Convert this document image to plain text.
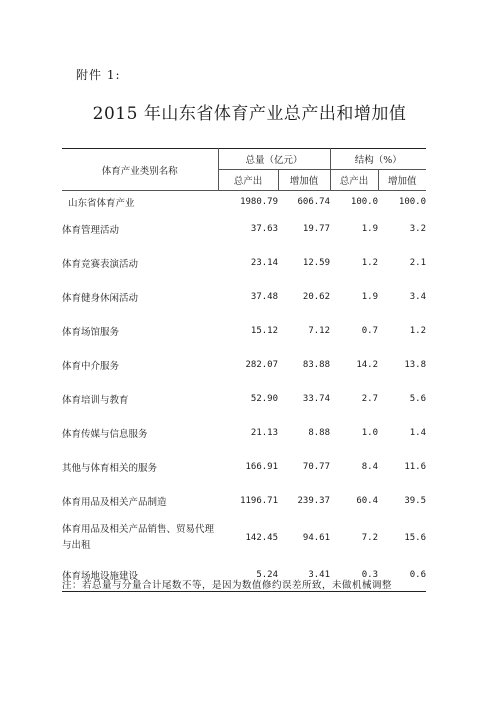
附件 1:
2015 年山东省体育产业总产出和增加值
体育产业类别名称	总量（亿元）		结构（%）	
	总产出	增加值	总产出	增加值
山东省体育产业	1980.79	606.74	100.0	100.0
体育管理活动	37.63	19.77	1.9	3.2
体育竞赛表演活动	23.14	12.59	1.2	2.1
体育健身休闲活动	37.48	20.62	1.9	3.4
体育场馆服务	15.12	7.12	0.7	1.2
体育中介服务	282.07	83.88	14.2	13.8
体育培训与教育	52.90	33.74	2.7	5.6
体育传媒与信息服务	21.13	8.88	1.0	1.4
其他与体育相关的服务	166.91	70.77	8.4	11.6
体育用品及相关产品制造	1196.71	239.37	60.4	39.5
体育用品及相关产品销售、贸易代理与出租	142.45	94.61	7.2	15.6
体育场地设施建设	5.24	3.41	0.3	0.6
注：若总量与分量合计尾数不等，是因为数值修约误差所致，未做机械调整
